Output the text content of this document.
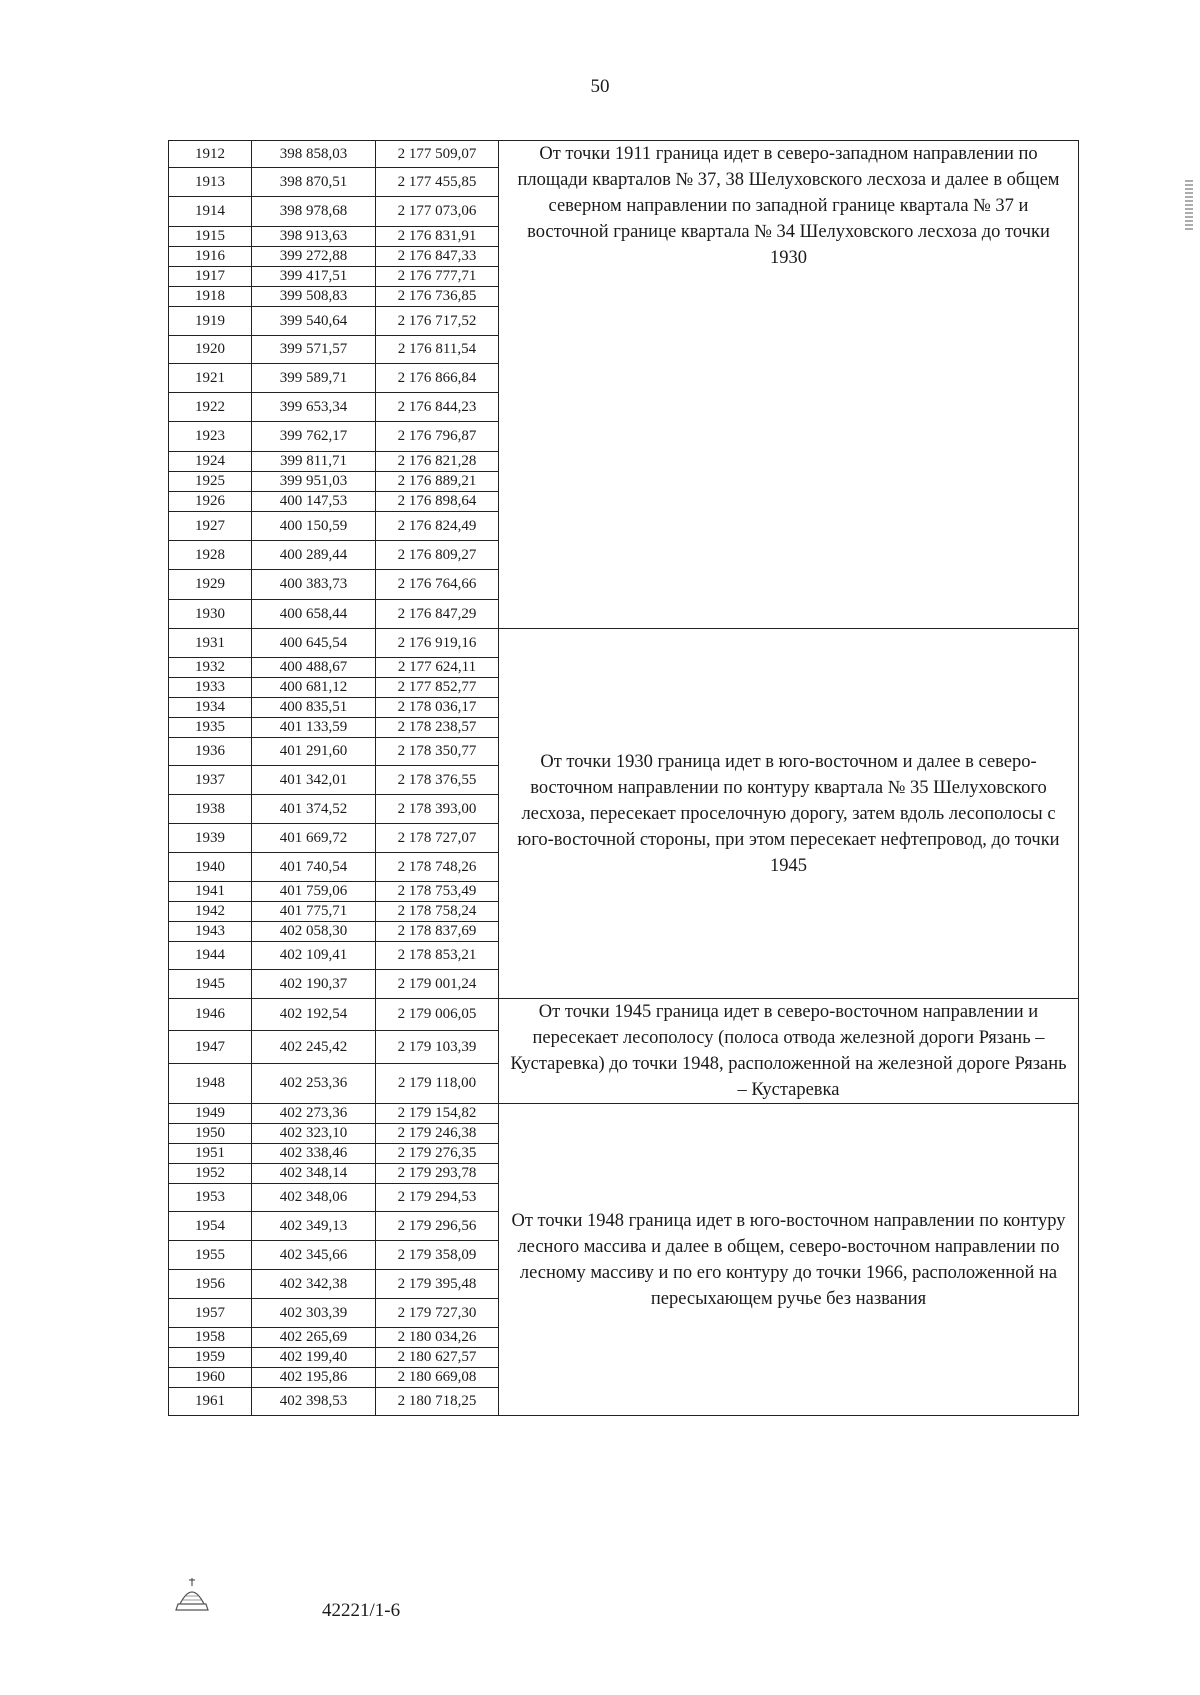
50
1912	398 858,03	2 177 509,07	От точки 1911 граница идет в северо-западном направлении по площади кварталов № 37, 38 Шелуховского лесхоза и далее в общем северном направлении по западной границе квартала № 37 и восточной границе квартала № 34 Шелуховского лесхоза до точки 1930

1913	398 870,51	2 177 455,85	
1914	398 978,68	2 177 073,06	
1915	398 913,63	2 176 831,91	
1916	399 272,88	2 176 847,33	
1917	399 417,51	2 176 777,71	
1918	399 508,83	2 176 736,85	
1919	399 540,64	2 176 717,52	
1920	399 571,57	2 176 811,54	
1921	399 589,71	2 176 866,84	
1922	399 653,34	2 176 844,23	
1923	399 762,17	2 176 796,87	
1924	399 811,71	2 176 821,28	
1925	399 951,03	2 176 889,21	
1926	400 147,53	2 176 898,64	
1927	400 150,59	2 176 824,49	
1928	400 289,44	2 176 809,27	
1929	400 383,73	2 176 764,66	
1930	400 658,44	2 176 847,29	
1931	400 645,54	2 176 919,16	От точки 1930 граница идет в юго-восточном и далее в северо-восточном направлении по контуру квартала № 35 Шелуховского лесхоза, пересекает проселочную дорогу, затем вдоль лесополосы с юго-восточной стороны, при этом пересекает нефтепровод, до точки 1945

1932	400 488,67	2 177 624,11	
1933	400 681,12	2 177 852,77	
1934	400 835,51	2 178 036,17	
1935	401 133,59	2 178 238,57	
1936	401 291,60	2 178 350,77	
1937	401 342,01	2 178 376,55	
1938	401 374,52	2 178 393,00	
1939	401 669,72	2 178 727,07	
1940	401 740,54	2 178 748,26	
1941	401 759,06	2 178 753,49	
1942	401 775,71	2 178 758,24	
1943	402 058,30	2 178 837,69	
1944	402 109,41	2 178 853,21	
1945	402 190,37	2 179 001,24	
1946	402 192,54	2 179 006,05	От точки 1945 граница идет в северо-восточном направлении и пересекает лесополосу (полоса отвода железной дороги Рязань – Кустаревка) до точки 1948, расположенной на железной дороге Рязань – Кустаревка

1947	402 245,42	2 179 103,39	
1948	402 253,36	2 179 118,00	
1949	402 273,36	2 179 154,82	От точки 1948 граница идет в юго-восточном направлении по контуру лесного массива и далее в общем, северо-восточном направлении по лесному массиву и по его контуру до точки 1966, расположенной на пересыхающем ручье без названия

1950	402 323,10	2 179 246,38	
1951	402 338,46	2 179 276,35	
1952	402 348,14	2 179 293,78	
1953	402 348,06	2 179 294,53	
1954	402 349,13	2 179 296,56	
1955	402 345,66	2 179 358,09	
1956	402 342,38	2 179 395,48	
1957	402 303,39	2 179 727,30	
1958	402 265,69	2 180 034,26	
1959	402 199,40	2 180 627,57	
1960	402 195,86	2 180 669,08	
1961	402 398,53	2 180 718,25	
42221/1-6
